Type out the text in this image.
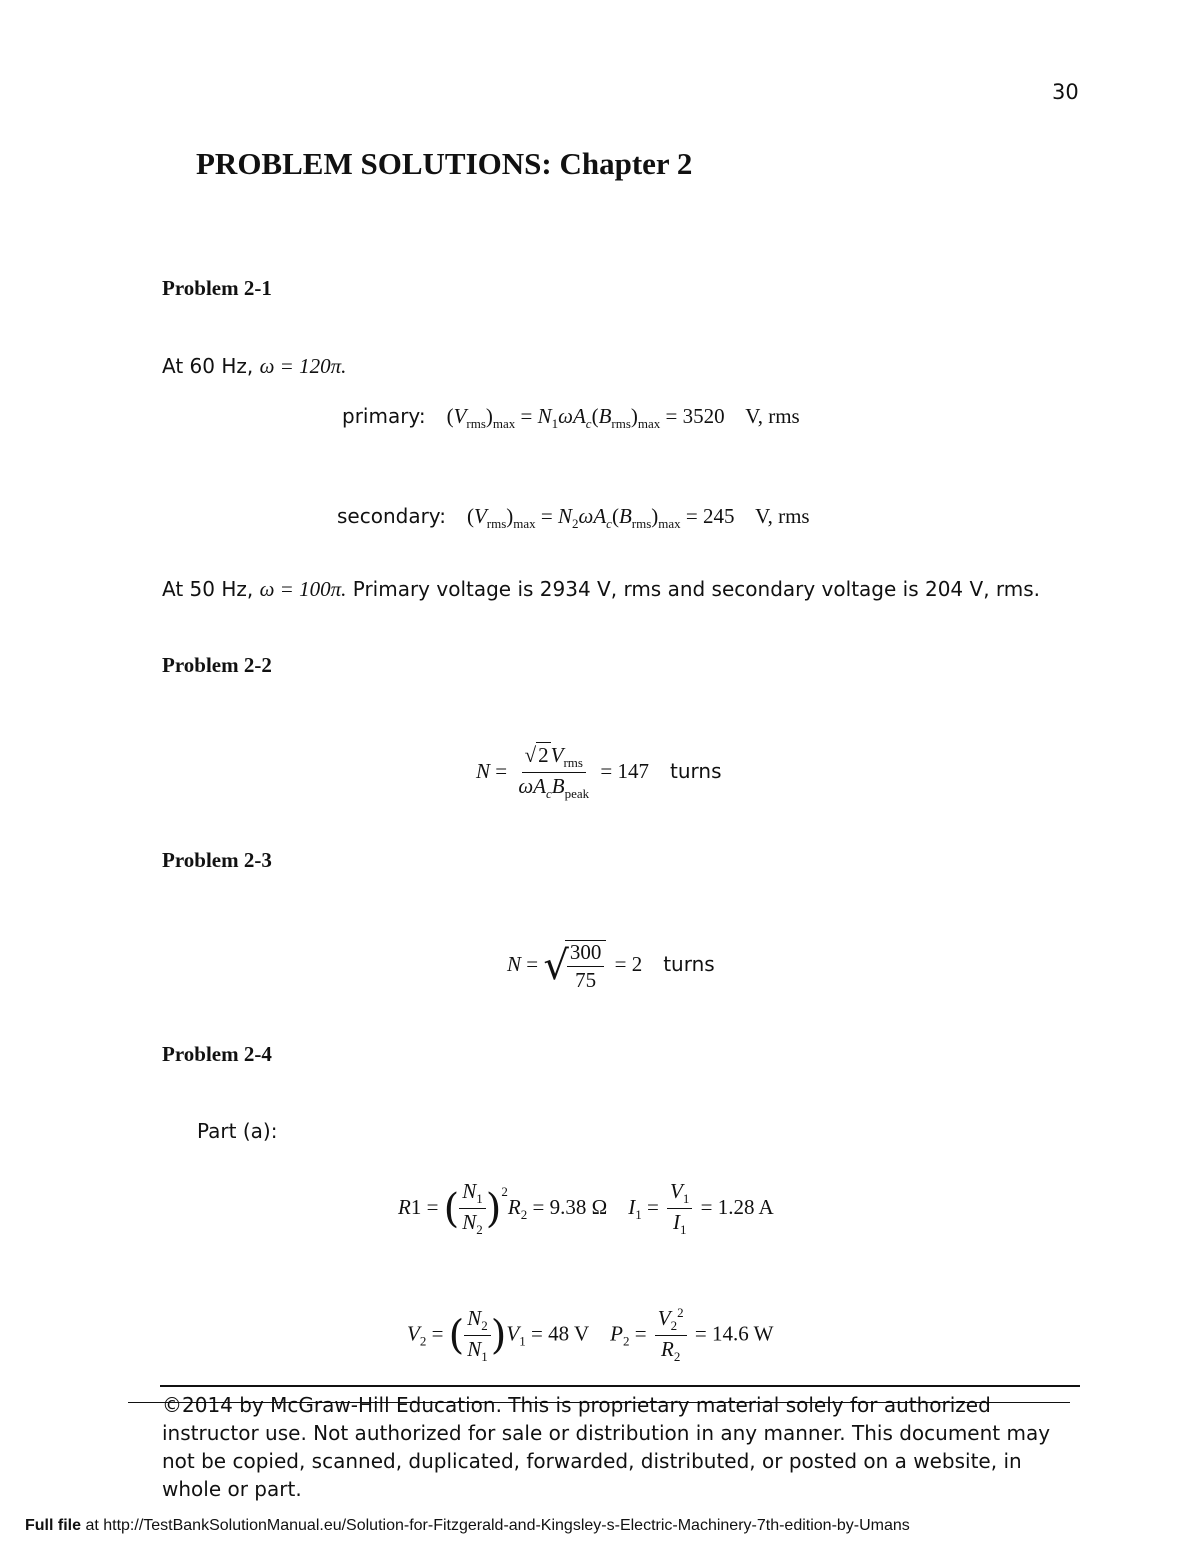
30
PROBLEM SOLUTIONS: Chapter 2
Problem 2-1
At 60 Hz, ω = 120π.
primary:    $(V_{rms})_{max} = N_1\omega A_c(B_{rms})_{max} = 3520$ V, rms
secondary:    $(V_{rms})_{max} = N_2\omega A_c(B_{rms})_{max} = 245$ V, rms
At 50 Hz, ω = 100π. Primary voltage is 2934 V, rms and secondary voltage is 204 V, rms.
Problem 2-2
$N = \frac{√2V_{rms}}{\omega A_cB_{peak}} = 147$ turns
Problem 2-3
N = √
$\frac{300}{75} = 2$ turns
Problem 2-4
Part (a):
R1 = ( $\frac{N_1}{N_2} )^2R_2 = 9.38$ Ω $I_1 = \frac{V_1}{I_1} = 1.28$ A
$V_2$ = ( $\frac{N_2}{N_1} )V_1 = 48$ V $P_2 = \frac{V_2^2}{R_2} = 14.6$ W
©2014 by McGraw-Hill Education. This is proprietary material solely for authorized instructor use. Not authorized for sale or distribution in any manner. This document may not be copied, scanned, duplicated, forwarded, distributed, or posted on a website, in whole or part.
Full file at http://TestBankSolutionManual.eu/Solution-for-Fitzgerald-and-Kingsley-s-Electric-Machinery-7th-edition-by-Umans
